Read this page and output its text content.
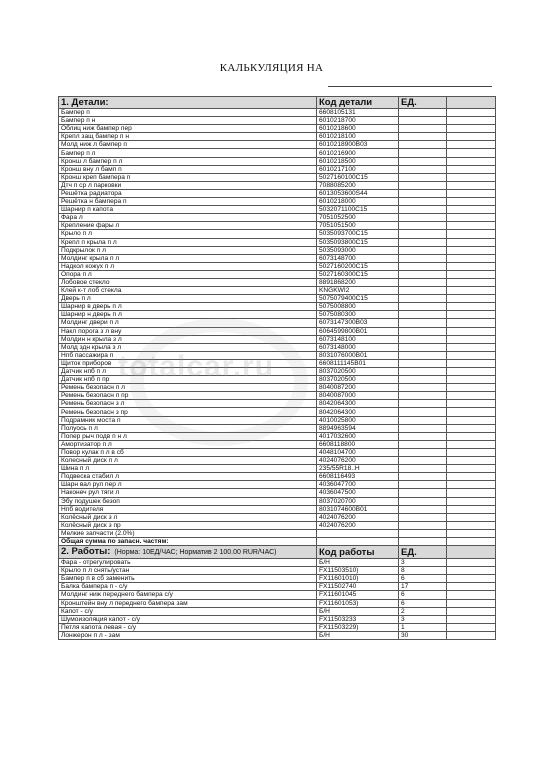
КАЛЬКУЛЯЦИЯ НА
1. Детали:	Код детали	ЕД.	
Бампер п	6608105131		
Бампер п н	6010218700		
Облиц ниж бампер пер	6010218600		
Крепл защ бампер п н	6010218100		
Молд ниж л бампер п	6010218900B03		
Бампер п л	6010216900		
Кронш л бампер п л	6010218500		
Кронш вну л бамп п	6010217100		
Кронш креп бампера п	5027160100C15		
Дтч п ср л парковки	7088085200		
Решётка радиатора	6013053600S44		
Решётка н бампера п	6010218000		
Шарнир п капота	5032071100C15		
Фара л	7051052500		
Крепление фары л	7051051500		
Крыло п л	5035093700C15		
Крепл п крыла п л	5035093800C15		
Подкрылок п л	5035093000		
Молдинг крыла п л	6073148700		
Надкол кожух п л	5027160200C15		
Опора п л	5027160300C15		
Лобовое стекло	8891868200		
Клей к-т лоб стекла	KNGKWI2		
Дверь п л	5075079400C15		
Шарнир в дверь п л	5075008800		
Шарнир н дверь п л	5075080300		
Молдинг двери п л	6073147300B03		
Накл порога з л вну	6064599800B01		
Молдин н крыла з л	6073148100		
Молд здн крыла з л	6073148000		
Нпб пассажира п	8031076000B01		
Щиток приборов	6608111145B01		
Датчик нпб п л	8037020500		
Датчик нпб п пр	8037020500		
Ремень безопасн п л	8040087200		
Ремень безопасн п пр	8040087000		
Ремень безопасн з л	8042064300		
Ремень безопасн з пр	8042064300		
Подрамник моста п	4010025800		
Полуось п л	8894963594		
Попер рыч подв п н л	4017032600		
Амортизатор п л	6608118800		
Повор кулак п л в сб	4048104700		
Колесный диск п л	4024076200		
Шина п л	235/55R18..Н		
Подвеска стабил л	6608116493		
Шарн вал рул пер л	4036047700		
Наконеч рул тяги л	4036047500		
Эбу подушек безоп	8037020700		
Нпб водителя	8031074600B01		
Колёсный диск з л	4024076200		
Колёсный диск з пр	4024076200		
Мелкие запчасти (2.0%)			
Общая сумма по запасн. частям:			
2. Работы: (Норма: 10ЕД/ЧАС; Норматив 2 100.00 RUR/ЧАС)	Код работы	ЕД.	
Фара - отрегулировать	Б/Н	3	
Крыло п л снять/устан	FX11503510)	8	
Бампер п в сб заменить	FX11601010)	6	
Балка бампера п - с/у	FX11502740	17	
Молдинг ниж переднего бампера с/у	FX11601045	6	
Кронштейн вну л переднего бампера зам	FX11601053)	6	
Капот - с/у	Б/Н	2	
Шумоизоляция капот - с/у	FX11503233	3	
Петля капота левая - с/у	FX11503229)	1	
Лонжерон п л - зам	Б/Н	30	
totalcar.ru
